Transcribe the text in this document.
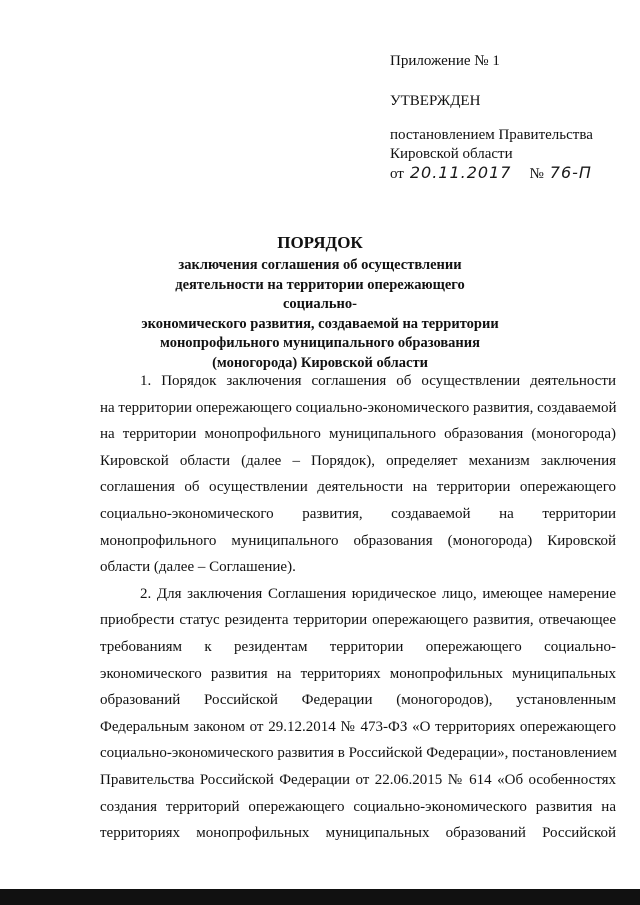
Приложение № 1
УТВЕРЖДЕН
постановлением Правительства
Кировской области
от 20.11.2017 № 76-П

ПОРЯДОК

заключения соглашения об осуществлении

деятельности на территории опережающего социально-

экономического развития, создаваемой на территории

монопрофильного муниципального образования

(моногорода) Кировской области

1. Порядок заключения соглашения об осуществлении деятельности
на территории опережающего социально-экономического развития, создаваемой
на территории монопрофильного муниципального образования (моногорода)
Кировской области (далее – Порядок), определяет механизм заключения
соглашения об осуществлении деятельности на территории опережающего
социально-экономического развития, создаваемой на территории
монопрофильного муниципального образования (моногорода) Кировской
области (далее – Соглашение).
2. Для заключения Соглашения юридическое лицо, имеющее намерение
приобрести статус резидента территории опережающего развития, отвечающее
требованиям к резидентам территории опережающего социально-
экономического развития на территориях монопрофильных муниципальных
образований Российской Федерации (моногородов), установленным
Федеральным законом от 29.12.2014 № 473-ФЗ «О территориях опережающего
социально-экономического развития в Российской Федерации», постановлением
Правительства Российской Федерации от 22.06.2015 № 614 «Об особенностях
создания территорий опережающего социально-экономического развития на
территориях монопрофильных муниципальных образований Российской
